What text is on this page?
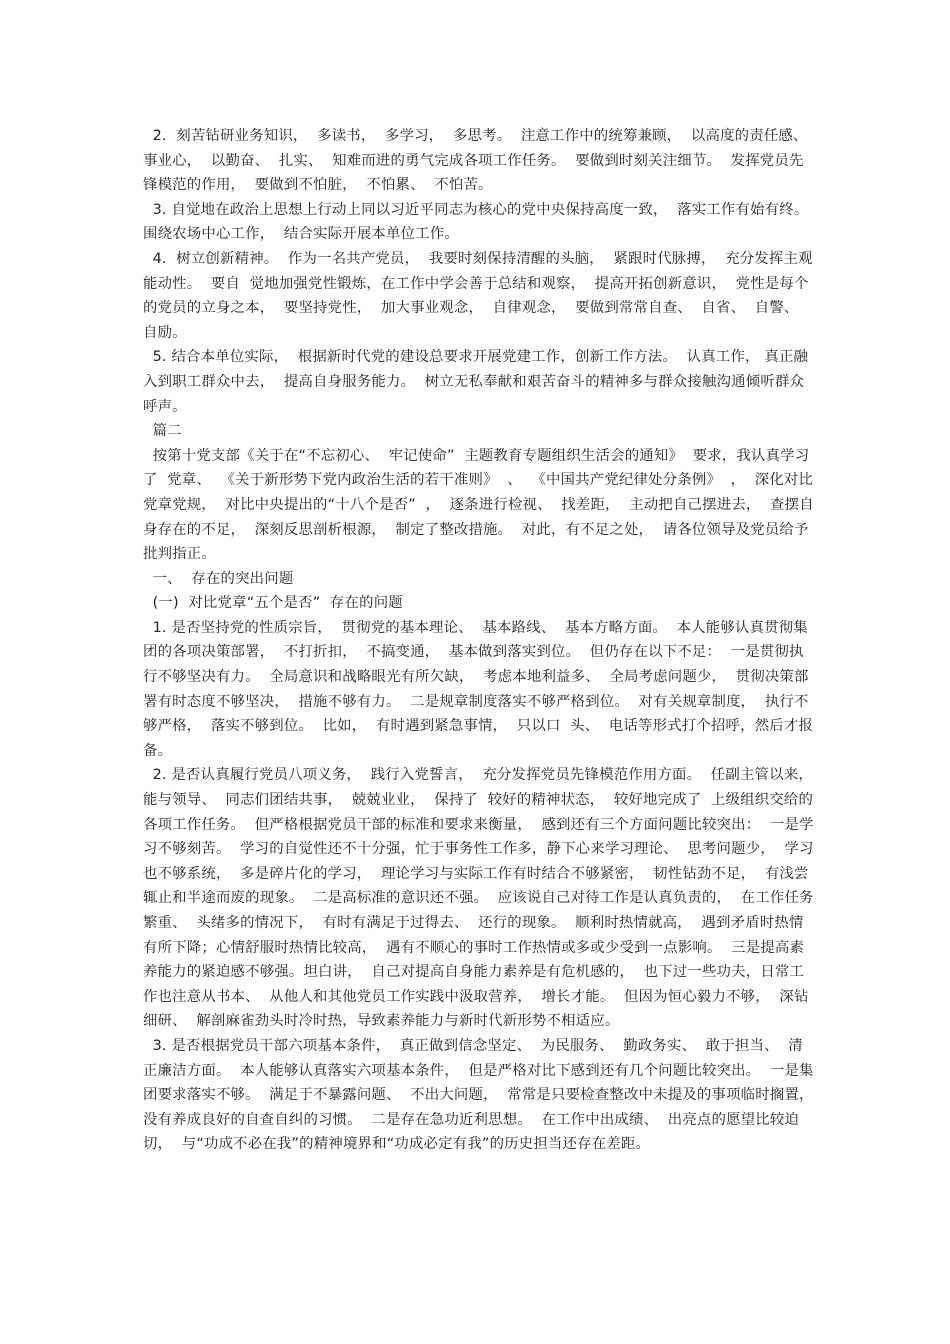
2.  刻苦钻研业务知识，  多读书，  多学习，  多思考。  注意工作中的统筹兼顾，  以高度的责任感、  事业心，  以勤奋、  扎实、  知难而进的勇气完成各项工作任务。  要做到时刻关注细节。  发挥党员先锋模范的作用，  要做到不怕脏，  不怕累、  不怕苦。

3. 自觉地在政治上思想上行动上同以习近平同志为核心的党中央保持高度一致，  落实工作有始有终。  围绕农场中心工作，  结合实际开展本单位工作。

4.  树立创新精神。  作为一名共产党员，  我要时刻保持清醒的头脑，  紧跟时代脉搏，  充分发挥主观能动性。  要自  觉地加强党性锻炼，在工作中学会善于总结和观察，  提高开拓创新意识，  党性是每个的党员的立身之本，  要坚持党性，  加大事业观念，  自律观念，  要做到常常自查、  自省、  自警、  自励。

5. 结合本单位实际，  根据新时代党的建设总要求开展党建工作，创新工作方法。  认真工作， 真正融入到职工群众中去，  提高自身服务能力。  树立无私奉献和艰苦奋斗的精神多与群众接触沟通倾听群众呼声。

篇二

按第十党支部《关于在“不忘初心、  牢记使命”  主题教育专题组织生活会的通知》  要求，我认真学习了  党章、  《关于新形势下党内政治生活的若干准则》  、  《中国共产党纪律处分条例》  ，  深化对比党章党规，  对比中央提出的“十八个是否”  ，  逐条进行检视、  找差距，  主动把自己摆进去，  查摆自身存在的不足，  深刻反思剖析根源，  制定了整改措施。  对此，有不足之处，  请各位领导及党员给予批判指正。

一、  存在的突出问题

(一)  对比党章“五个是否”  存在的问题

1. 是否坚持党的性质宗旨，  贯彻党的基本理论、  基本路线、  基本方略方面。  本人能够认真贯彻集团的各项决策部署，  不打折扣，  不搞变通，  基本做到落实到位。  但仍存在以下不足：  一是贯彻执行不够坚决有力。  全局意识和战略眼光有所欠缺，  考虑本地利益多、  全局考虑问题少，  贯彻决策部署有时态度不够坚决，  措施不够有力。  二是规章制度落实不够严格到位。  对有关规章制度，  执行不够严格，  落实不够到位。  比如，  有时遇到紧急事情，  只以口  头、  电话等形式打个招呼，然后才报备。

2. 是否认真履行党员八项义务，  践行入党誓言，  充分发挥党员先锋模范作用方面。  任副主管以来，  能与领导、  同志们团结共事，  兢兢业业，  保持了  较好的精神状态，  较好地完成了  上级组织交给的各项工作任务。  但严格根据党员干部的标准和要求来衡量，  感到还有三个方面问题比较突出：  一是学习不够刻苦。  学习的自觉性还不十分强，忙于事务性工作多，静下心来学习理论、  思考问题少，  学习也不够系统，  多是碎片化的学习，  理论学习与实际工作有时结合不够紧密，  韧性钻劲不足，  有浅尝辄止和半途而废的现象。  二是高标准的意识还不强。  应该说自己对待工作是认真负责的，  在工作任务繁重、  头绪多的情况下，  有时有满足于过得去、  还行的现象。  顺利时热情就高，  遇到矛盾时热情有所下降；心情舒服时热情比较高，  遇有不顺心的事时工作热情或多或少受到一点影响。  三是提高素养能力的紧迫感不够强。坦白讲，  自己对提高自身能力素养是有危机感的，  也下过一些功夫，日常工作也注意从书本、  从他人和其他党员工作实践中汲取营养，  增长才能。  但因为恒心毅力不够，  深钻细研、  解剖麻雀劲头时冷时热，导致素养能力与新时代新形势不相适应。

3. 是否根据党员干部六项基本条件，  真正做到信念坚定、  为民服务、  勤政务实、  敢于担当、  清正廉洁方面。  本人能够认真落实六项基本条件，  但是严格对比下感到还有几个问题比较突出。  一是集团要求落实不够。  满足于不暴露问题、  不出大问题，  常常是只要检查整改中未提及的事项临时搁置，  没有养成良好的自查自纠的习惯。  二是存在急功近利思想。  在工作中出成绩、  出亮点的愿望比较迫切，  与“功成不必在我”的精神境界和“功成必定有我”的历史担当还存在差距。
